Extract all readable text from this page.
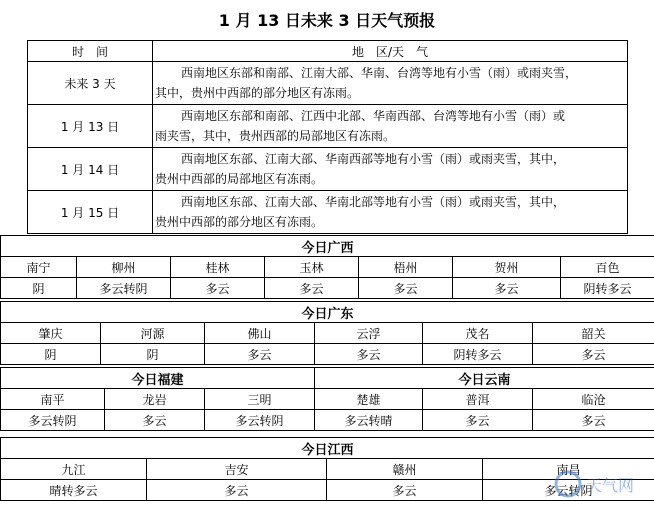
1 月 13 日未来 3 日天气预报
时　间	地　区/天　气
未来 3 天	西南地区东部和南部、江南大部、华南、台湾等地有小雪（雨）或雨夹雪，
其中，贵州中西部的部分地区有冻雨。
1 月 13 日	西南地区东部和南部、江西中北部、华南西部、台湾等地有小雪（雨）或
雨夹雪，其中，贵州西部的局部地区有冻雨。
1 月 14 日	西南地区东部、江南大部、华南西部等地有小雪（雨）或雨夹雪，其中，
贵州中西部的局部地区有冻雨。
1 月 15 日	西南地区东部、江南大部、华南北部等地有小雪（雨）或雨夹雪，其中，
贵州中西部的部分地区有冻雨。
今日广西						
南宁	柳州	桂林	玉林	梧州	贺州	百色
阴	多云转阴	多云	多云	多云	多云	阴转多云
今日广东					
肇庆	河源	佛山	云浮	茂名	韶关
阴	阴	多云	多云	阴转多云	多云
今日福建			今日云南		
南平	龙岩	三明	楚雄	普洱	临沧
多云转阴	多云	多云转阴	多云转晴	多云	多云
今日江西			
九江	吉安	赣州	南昌
晴转多云	多云	多云	多云转阴
天气网
